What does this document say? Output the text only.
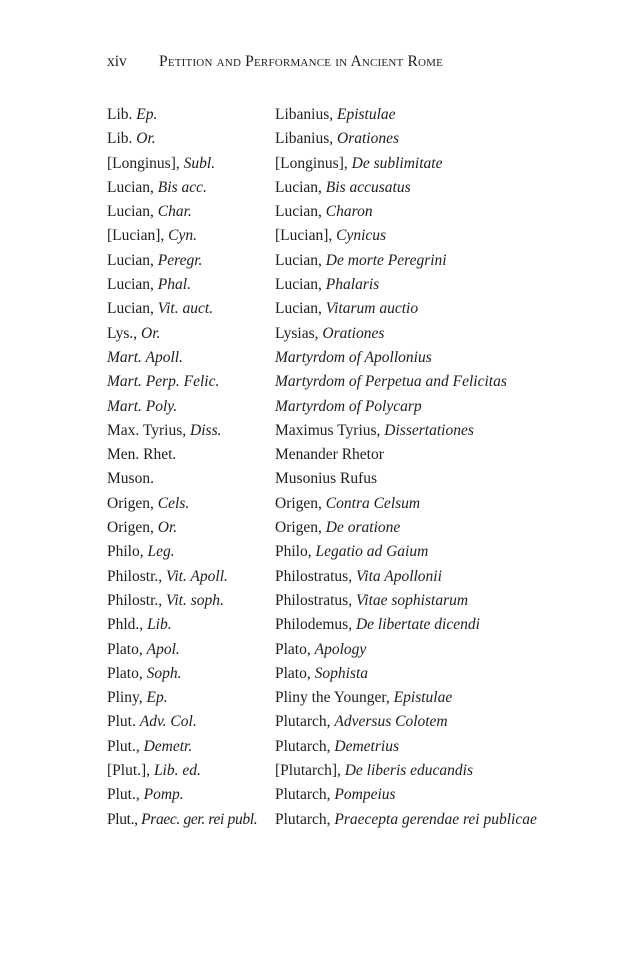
xiv Petition and Performance in Ancient Rome
Lib. Ep.	Libanius, Epistulae
Lib. Or.	Libanius, Orationes
[Longinus], Subl.	[Longinus], De sublimitate
Lucian, Bis acc.	Lucian, Bis accusatus
Lucian, Char.	Lucian, Charon
[Lucian], Cyn.	[Lucian], Cynicus
Lucian, Peregr.	Lucian, De morte Peregrini
Lucian, Phal.	Lucian, Phalaris
Lucian, Vit. auct.	Lucian, Vitarum auctio
Lys., Or.	Lysias, Orationes
Mart. Apoll.	Martyrdom of Apollonius
Mart. Perp. Felic.	Martyrdom of Perpetua and Felicitas
Mart. Poly.	Martyrdom of Polycarp
Max. Tyrius, Diss.	Maximus Tyrius, Dissertationes
Men. Rhet.	Menander Rhetor
Muson.	Musonius Rufus
Origen, Cels.	Origen, Contra Celsum
Origen, Or.	Origen, De oratione
Philo, Leg.	Philo, Legatio ad Gaium
Philostr., Vit. Apoll.	Philostratus, Vita Apollonii
Philostr., Vit. soph.	Philostratus, Vitae sophistarum
Phld., Lib.	Philodemus, De libertate dicendi
Plato, Apol.	Plato, Apology
Plato, Soph.	Plato, Sophista
Pliny, Ep.	Pliny the Younger, Epistulae
Plut. Adv. Col.	Plutarch, Adversus Colotem
Plut., Demetr.	Plutarch, Demetrius
[Plut.], Lib. ed.	[Plutarch], De liberis educandis
Plut., Pomp.	Plutarch, Pompeius
Plut., Praec. ger. rei publ.	Plutarch, Praecepta gerendae rei publicae
